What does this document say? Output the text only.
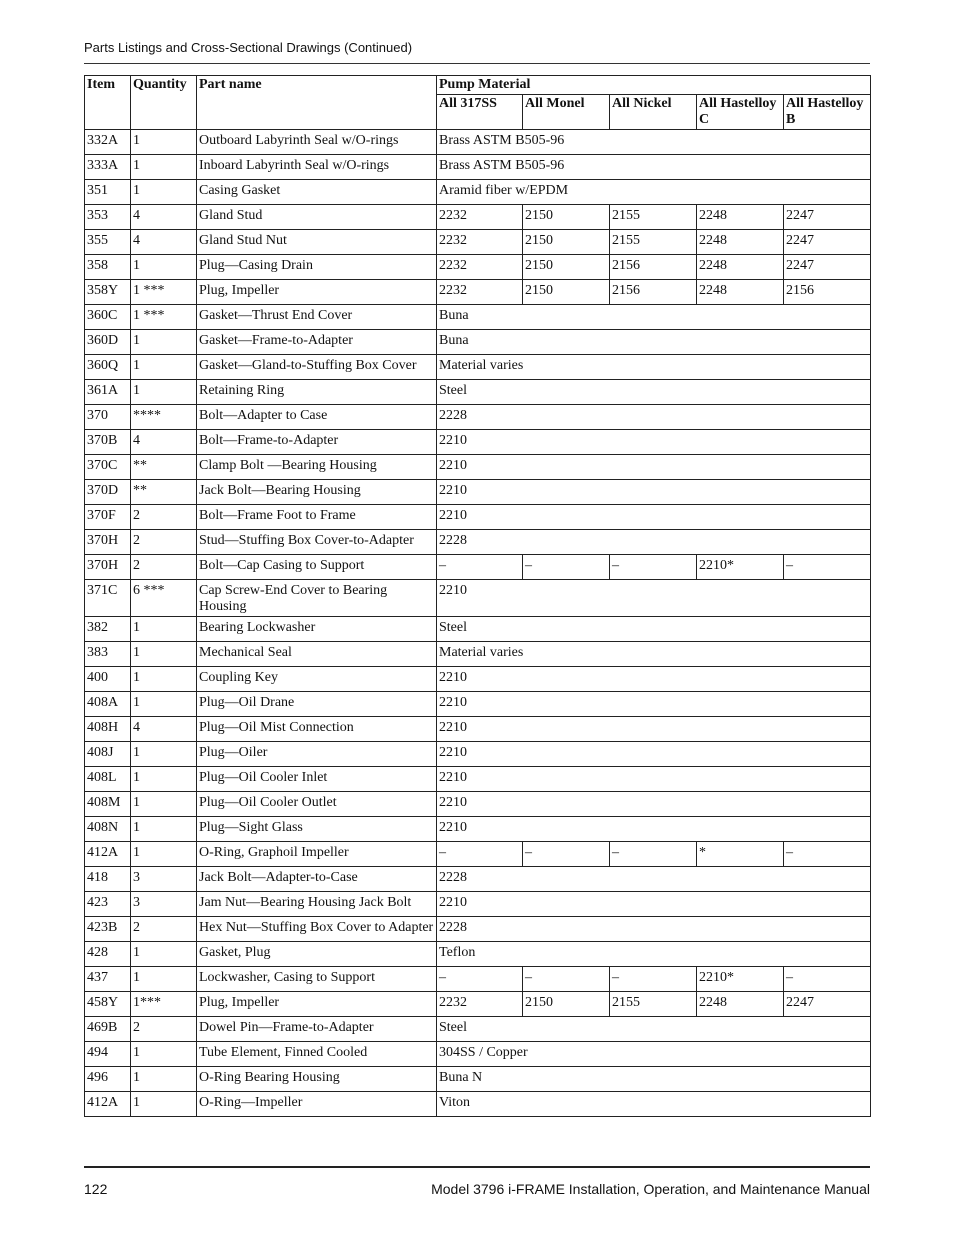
Parts Listings and Cross-Sectional Drawings (Continued)
Item	Quantity	Part name	Pump Material				
			All 317SS	All Monel	All Nickel	All Hastelloy C	All Hastelloy B
332A	1	Outboard Labyrinth Seal w/O-rings	Brass ASTM B505-96				
333A	1	Inboard Labyrinth Seal w/O-rings	Brass ASTM B505-96				
351	1	Casing Gasket	Aramid fiber w/EPDM				
353	4	Gland Stud	2232	2150	2155	2248	2247
355	4	Gland Stud Nut	2232	2150	2155	2248	2247
358	1	Plug—Casing Drain	2232	2150	2156	2248	2247
358Y	1 ***	Plug, Impeller	2232	2150	2156	2248	2156
360C	1 ***	Gasket—Thrust End Cover	Buna				
360D	1	Gasket—Frame-to-Adapter	Buna				
360Q	1	Gasket—Gland-to-Stuffing Box Cover	Material varies				
361A	1	Retaining Ring	Steel				
370	****	Bolt—Adapter to Case	2228				
370B	4	Bolt—Frame-to-Adapter	2210				
370C	**	Clamp Bolt —Bearing Housing	2210				
370D	**	Jack Bolt—Bearing Housing	2210				
370F	2	Bolt—Frame Foot to Frame	2210				
370H	2	Stud—Stuffing Box Cover-to-Adapter	2228				
370H	2	Bolt—Cap Casing to Support	–	–	–	2210*	–
371C	6 ***	Cap Screw-End Cover to Bearing Housing	2210				
382	1	Bearing Lockwasher	Steel				
383	1	Mechanical Seal	Material varies				
400	1	Coupling Key	2210				
408A	1	Plug—Oil Drane	2210				
408H	4	Plug—Oil Mist Connection	2210				
408J	1	Plug—Oiler	2210				
408L	1	Plug—Oil Cooler Inlet	2210				
408M	1	Plug—Oil Cooler Outlet	2210				
408N	1	Plug—Sight Glass	2210				
412A	1	O-Ring, Graphoil Impeller	–	–	–	*	–
418	3	Jack Bolt—Adapter-to-Case	2228				
423	3	Jam Nut—Bearing Housing Jack Bolt	2210				
423B	2	Hex Nut—Stuffing Box Cover to Adapter	2228				
428	1	Gasket, Plug	Teflon				
437	1	Lockwasher, Casing to Support	–	–	–	2210*	–
458Y	1***	Plug, Impeller	2232	2150	2155	2248	2247
469B	2	Dowel Pin—Frame-to-Adapter	Steel				
494	1	Tube Element, Finned Cooled	304SS / Copper				
496	1	O-Ring Bearing Housing	Buna N				
412A	1	O-Ring—Impeller	Viton				
122	Model 3796 i-FRAME Installation, Operation, and Maintenance Manual
